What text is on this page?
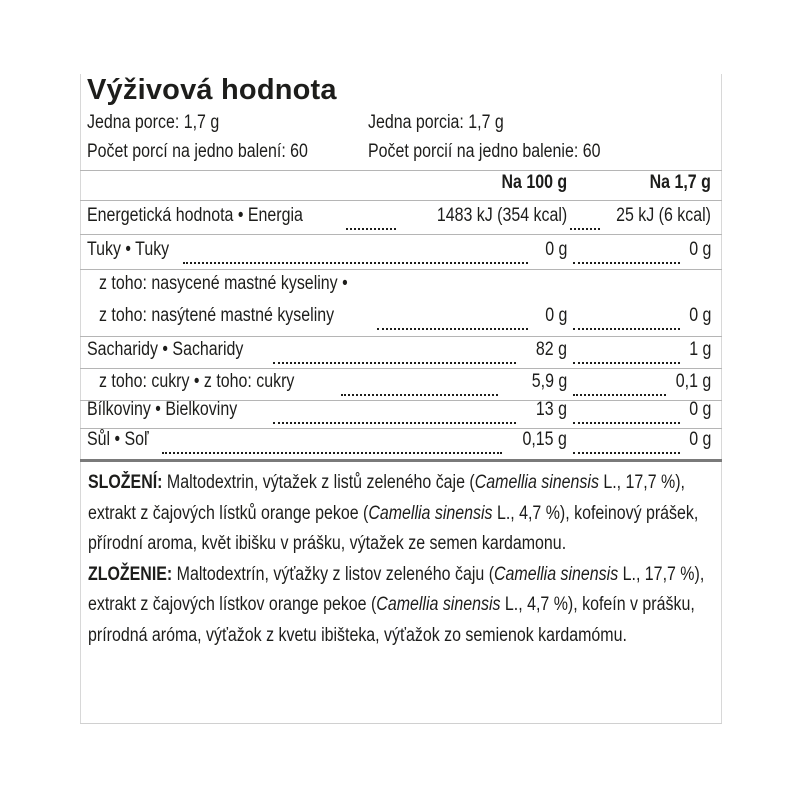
Výživová hodnota
Jedna porce: 1,7 g	Jedna porcia: 1,7 g
Počet porcí na jedno balení: 60	Počet porcií na jedno balenie: 60
Na 100 g	Na 1,7 g
Energetická hodnota • Energia	1483 kJ (354 kcal)	25 kJ (6 kcal)
Tuky • Tuky	0 g	0 g
z toho: nasycené mastné kyseliny •
z toho: nasýtené mastné kyseliny	0 g	0 g
Sacharidy • Sacharidy	82 g	1 g
z toho: cukry • z toho: cukry	5,9 g	0,1 g
Bílkoviny • Bielkoviny	13 g	0 g
Sůl • Soľ	0,15 g	0 g

SLOŽENÍ: Maltodextrin, výtažek z listů zeleného čaje (Camellia sinensis L., 17,7 %), extrakt z čajových lístků orange pekoe (Camellia sinensis L., 4,7 %), kofeinový prášek, přírodní aroma, květ ibišku v prášku, výtažek ze semen kardamonu.

ZLOŽENIE: Maltodextrín, výťažky z listov zeleného čaju (Camellia sinensis L., 17,7 %), extrakt z čajových lístkov orange pekoe (Camellia sinensis L., 4,7 %), kofeín v prášku, prírodná aróma, výťažok z kvetu ibišteka, výťažok zo semienok kardamómu.
